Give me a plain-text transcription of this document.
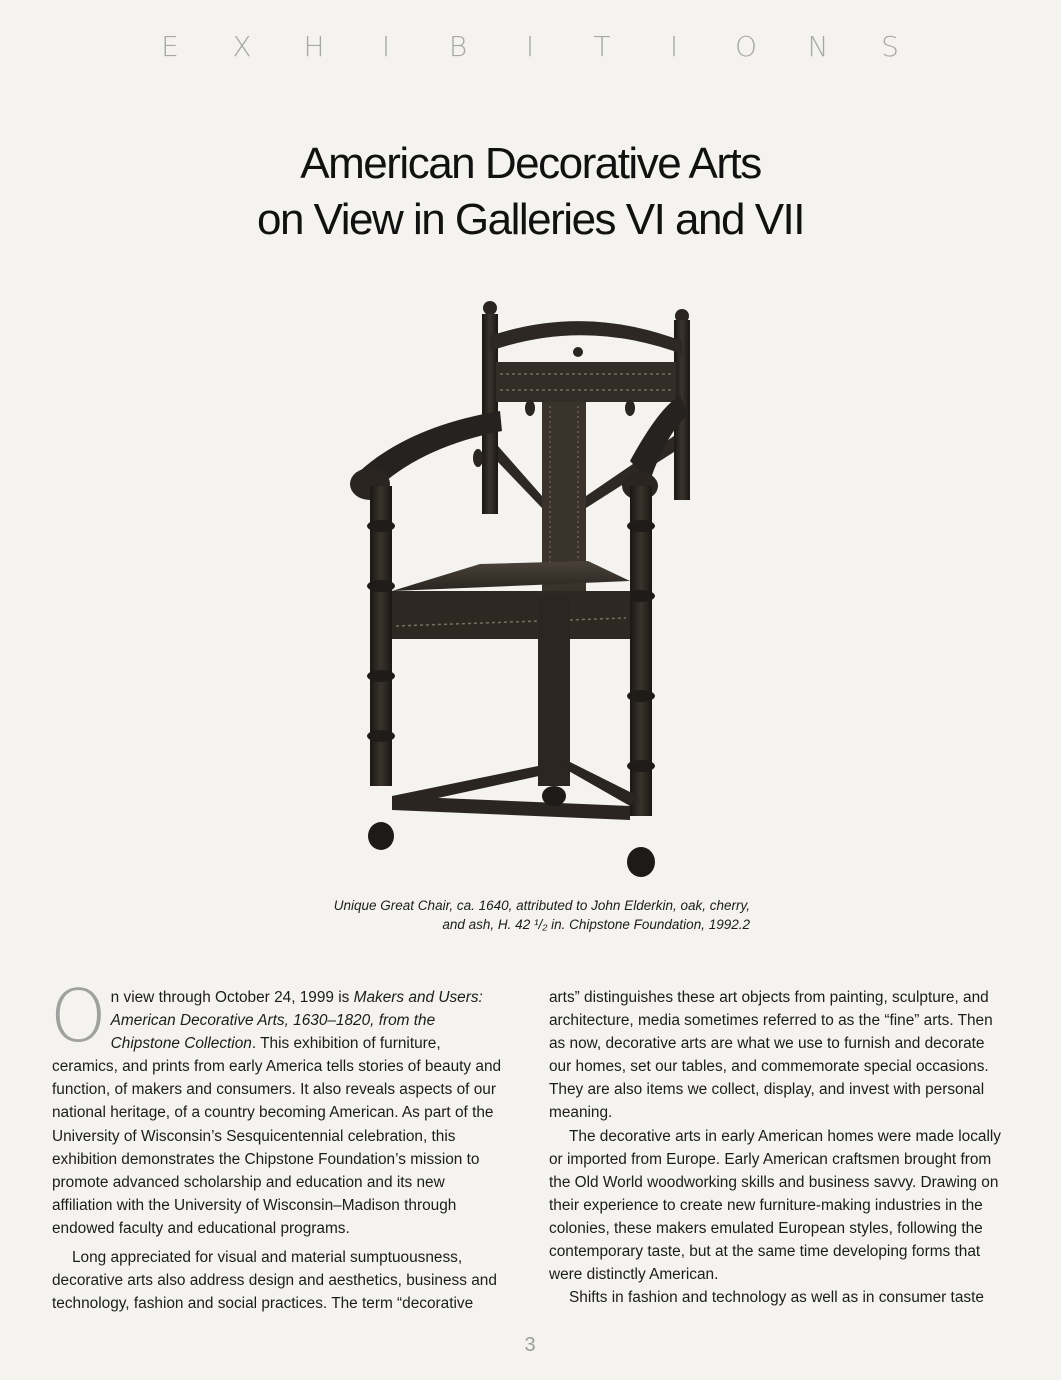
E	X	H	I	B	I	T	I	O	N	S
American Decorative Arts
on View in Galleries VI and VII
Unique Great Chair, ca. 1640, attributed to John Elderkin, oak, cherry,
and ash, H. 42 ¹/₂ in. Chipstone Foundation, 1992.2

On view through October 24, 1999 is Makers and Users: American Decorative Arts, 1630–1820, from the Chipstone Collection. This exhibition of furniture, ceramics, and prints from early America tells stories of beauty and function, of makers and consumers. It also reveals aspects of our national heritage, of a country becoming American. As part of the University of Wisconsin’s Sesquicentennial celebration, this exhibition demonstrates the Chipstone Foundation’s mission to promote advanced scholarship and education and its new affiliation with the University of Wisconsin–Madison through endowed faculty and educational programs.

Long appreciated for visual and material sumptuousness, decorative arts also address design and aesthetics, business and technology, fashion and social practices. The term “decorative

arts” distinguishes these art objects from painting, sculpture, and architecture, media sometimes referred to as the “fine” arts. Then as now, decorative arts are what we use to furnish and decorate our homes, set our tables, and commemorate special occasions. They are also items we collect, display, and invest with personal meaning.

The decorative arts in early American homes were made locally or imported from Europe. Early American craftsmen brought from the Old World woodworking skills and business savvy. Drawing on their experience to create new furniture-making industries in the colonies, these makers emulated European styles, following the contemporary taste, but at the same time developing forms that were distinctly American.

Shifts in fashion and technology as well as in consumer taste

3
